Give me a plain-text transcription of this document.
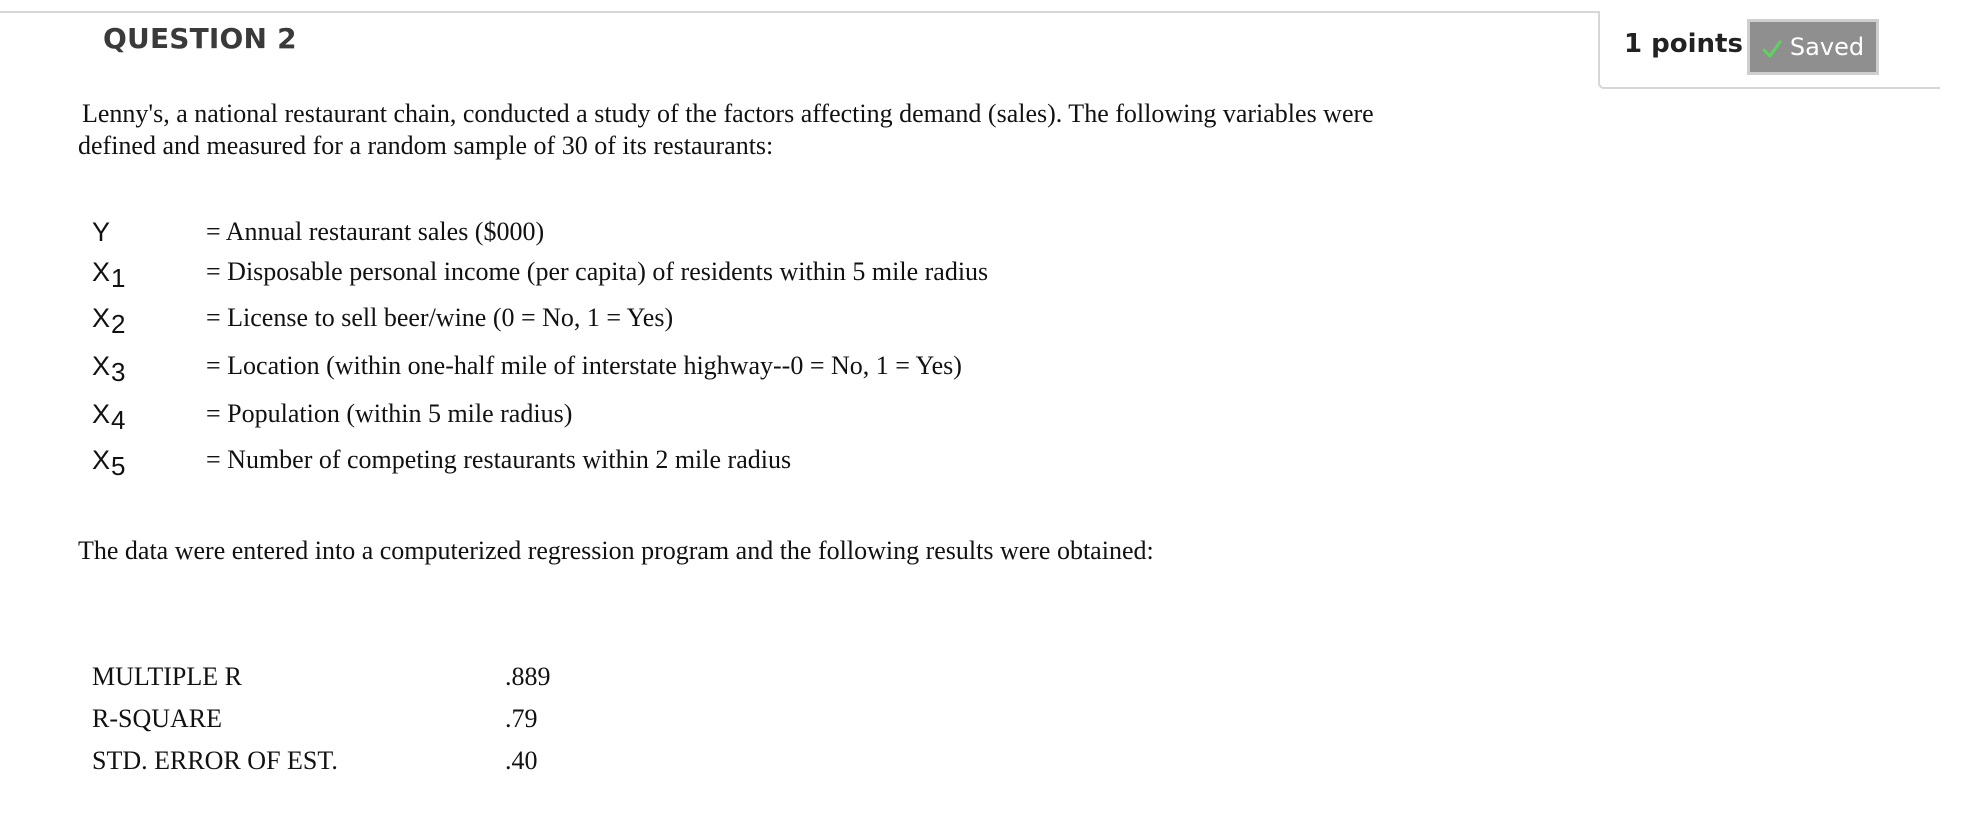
QUESTION 2	1 points Saved
Lenny's, a national restaurant chain, conducted a study of the factors affecting demand (sales). The following variables were
defined and measured for a random sample of 30 of its restaurants:
Y	= Annual restaurant sales ($000)
$X_1$	= Disposable personal income (per capita) of residents within 5 mile radius
$X_2$	= License to sell beer/wine (0 = No, 1 = Yes)
$X_3$	= Location (within one-half mile of interstate highway--0 = No, 1 = Yes)
$X_4$	= Population (within 5 mile radius)
$X_5$	= Number of competing restaurants within 2 mile radius
The data were entered into a computerized regression program and the following results were obtained:
MULTIPLE R	.889
R-SQUARE	.79
STD. ERROR OF EST.	.40
